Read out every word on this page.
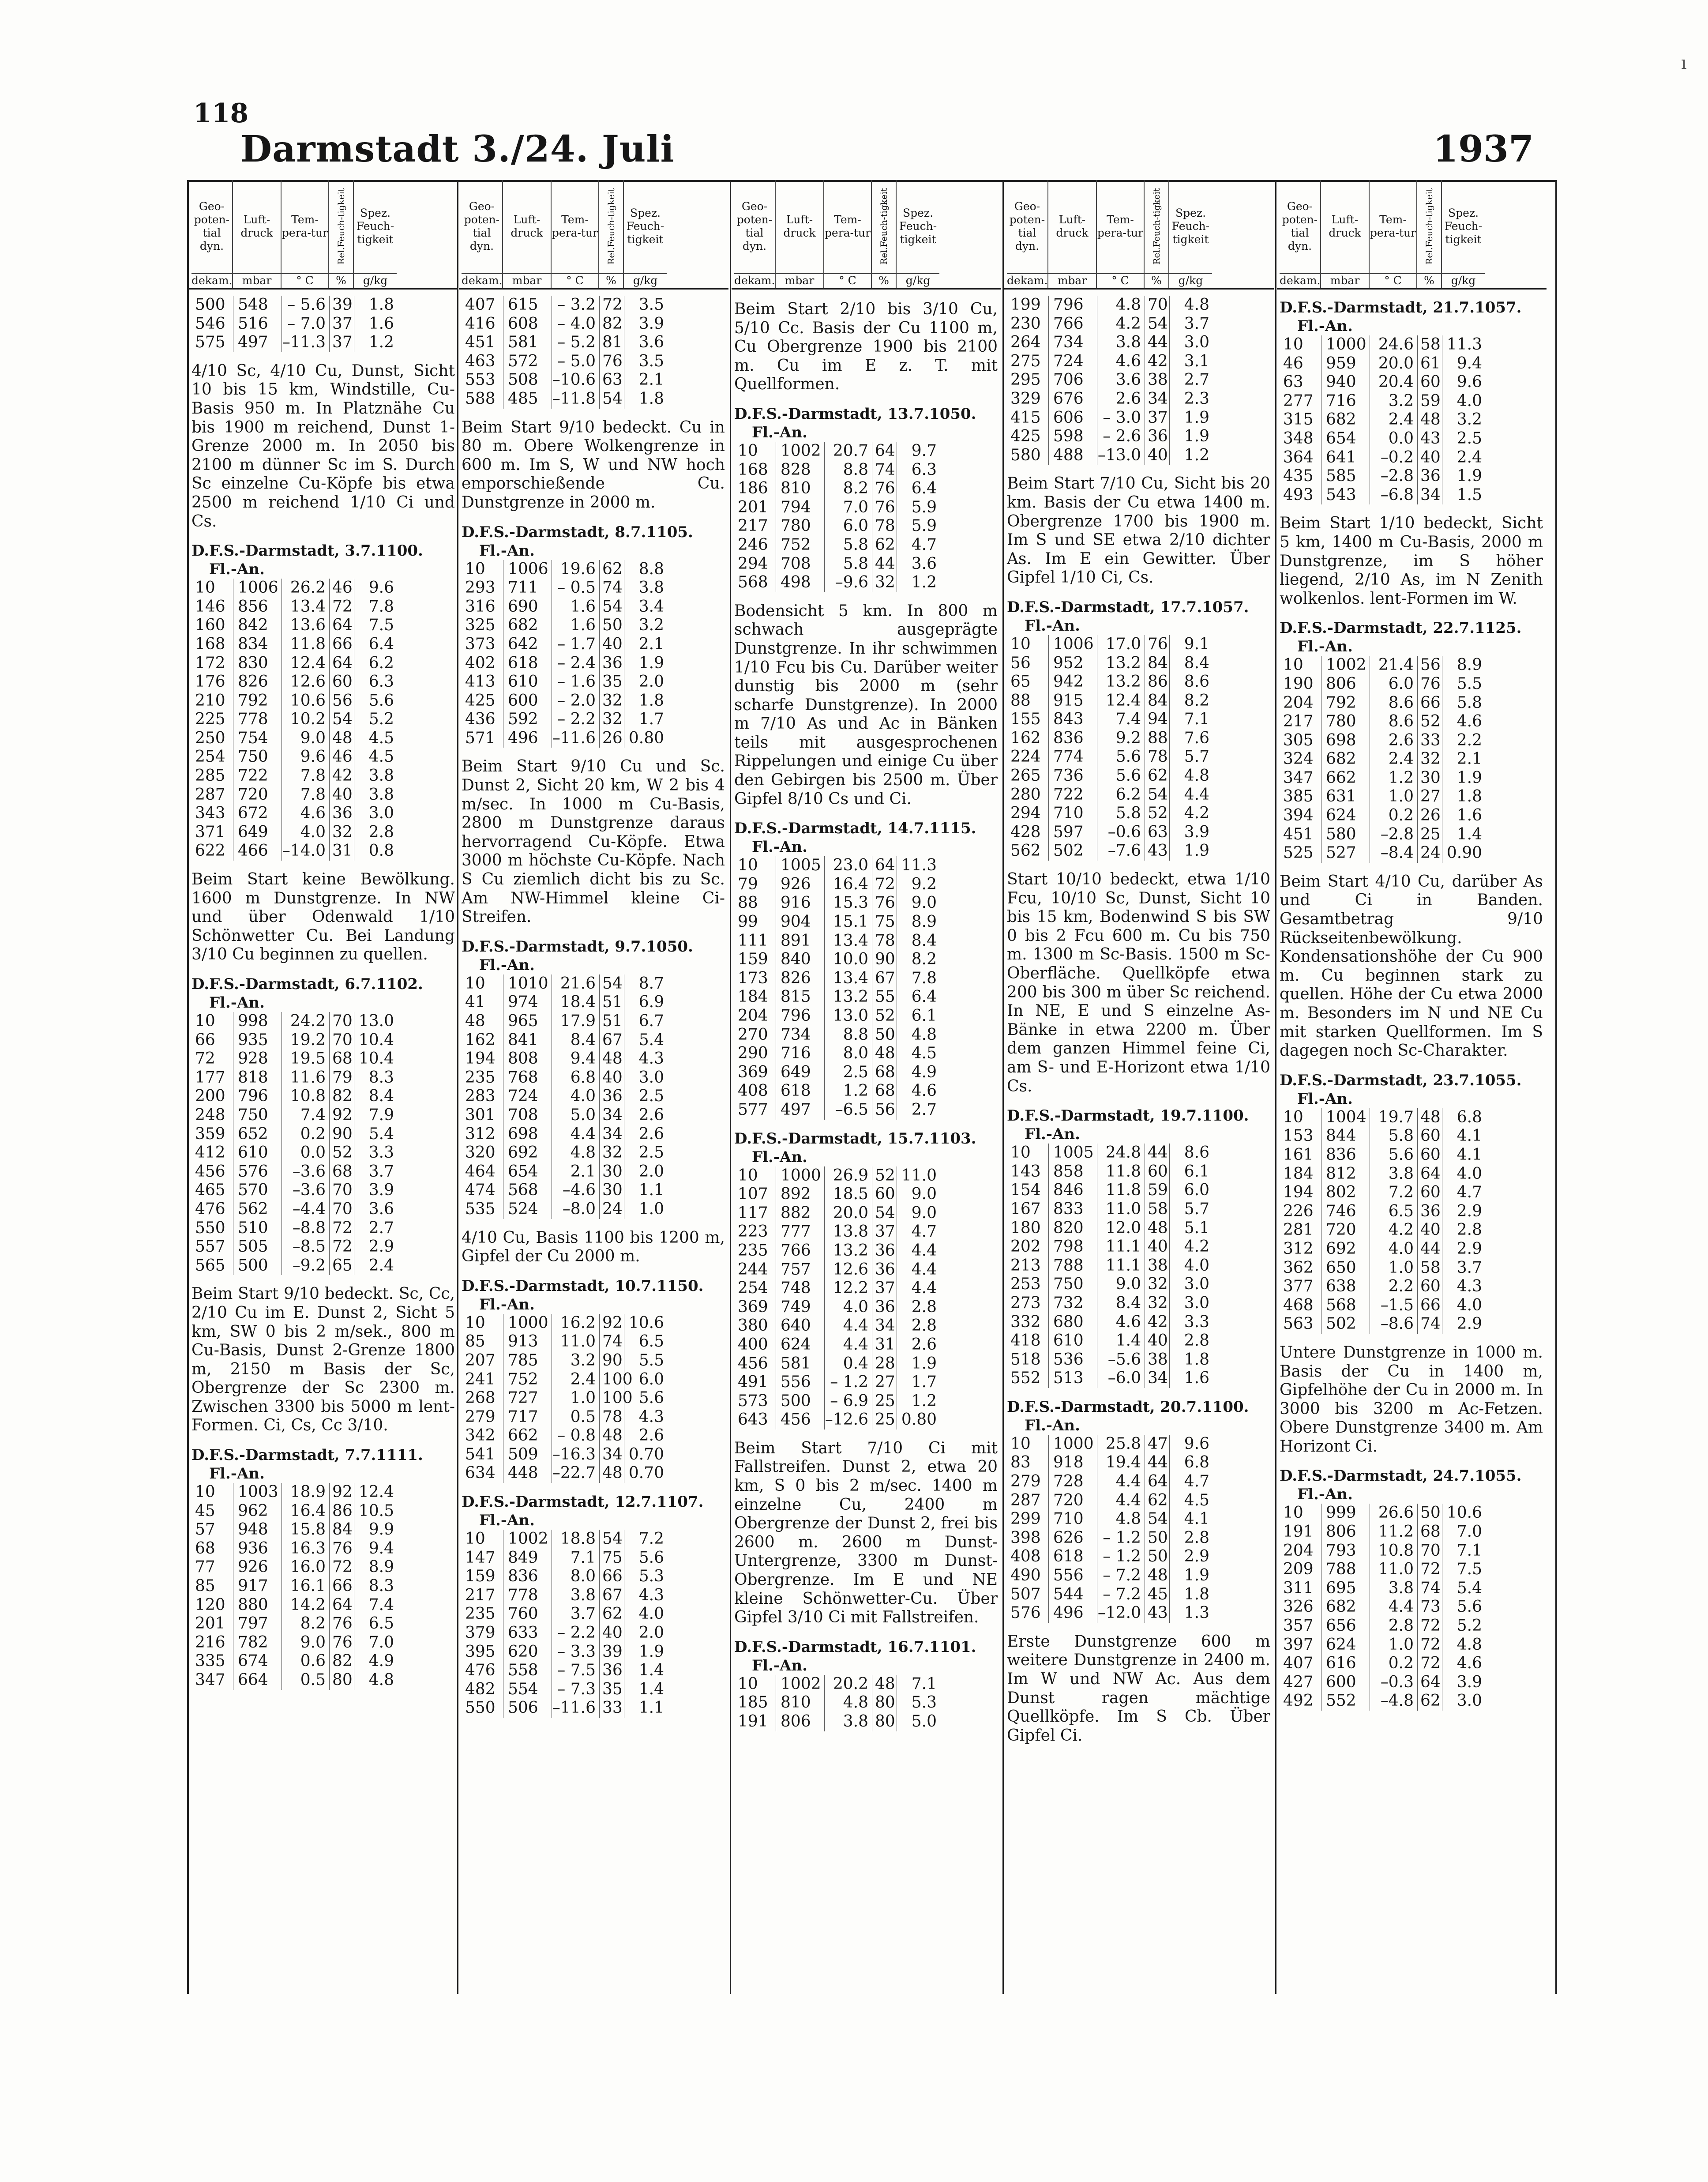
118
Darmstadt 3./24. Juli	1937
Geo-poten-tial dyn.
dekam.
Luft-druck
mbar
Tem-pera-tur
° C
Rel.Feuch-tigkeit
%
Spez. Feuch-tigkeit
g/kg
500 548	– 5.6 39	1.8
546 516	– 7.0 37	1.6
575 497 –11.3 37	1.2
4/10 Sc, 4/10 Cu, Dunst, Sicht 10 bis 15 km, Windstille, Cu-Basis 950 m. In Platznähe Cu bis 1900 m reichend, Dunst 1-Grenze 2000 m. In 2050 bis 2100 m dünner Sc im S. Durch Sc einzelne Cu-Köpfe bis etwa 2500 m reichend 1/10 Ci und Cs.
D.F.S.-Darmstadt, 3.7.1100.
Fl.-An.
10	1006 26.2 46	9.6
146 856	13.4 72	7.8
160 842	13.6 64	7.5
168 834	11.8 66	6.4
172 830	12.4 64	6.2
176 826	12.6 60	6.3
210 792	10.6 56	5.6
225 778	10.2 54	5.2
250 754	9.0 48	4.5
254 750	9.6 46	4.5
285 722	7.8 42	3.8
287 720	7.8 40	3.8
343 672	4.6 36	3.0
371 649	4.0 32	2.8
622 466 –14.0 31	0.8
Beim Start keine Bewölkung. 1600 m Dunstgrenze. In NW und über Odenwald 1/10 Schönwetter Cu. Bei Landung 3/10 Cu beginnen zu quellen.
D.F.S.-Darmstadt, 6.7.1102.
Fl.-An.
10	998	24.2 70 13.0
66	935	19.2 70 10.4
72	928	19.5 68 10.4
177 818	11.6 79	8.3
200 796	10.8 82	8.4
248 750	7.4 92	7.9
359 652	0.2 90	5.4
412 610	0.0 52	3.3
456 576	–3.6 68	3.7
465 570	–3.6 70	3.9
476 562	–4.4 70	3.6
550 510	–8.8 72	2.7
557 505	–8.5 72	2.9
565 500	–9.2 65	2.4
Beim Start 9/10 bedeckt. Sc, Cc, 2/10 Cu im E. Dunst 2, Sicht 5 km, SW 0 bis 2 m/sek., 800 m Cu-Basis, Dunst 2-Grenze 1800 m, 2150 m Basis der Sc, Obergrenze der Sc 2300 m. Zwischen 3300 bis 5000 m lent-Formen. Ci, Cs, Cc 3/10.
D.F.S.-Darmstadt, 7.7.1111.
Fl.-An.
10	1003 18.9 92 12.4
45	962	16.4 86 10.5
57	948	15.8 84	9.9
68	936	16.3 76	9.4
77	926	16.0 72	8.9
85	917	16.1 66	8.3
120 880	14.2 64	7.4
201 797	8.2 76	6.5
216 782	9.0 76	7.0
335 674	0.6 82	4.9
347 664	0.5 80	4.8
Geo-poten-tial dyn.
dekam.
Luft-druck
mbar
Tem-pera-tur
° C
Rel.Feuch-tigkeit
%
Spez. Feuch-tigkeit
g/kg
407 615	– 3.2 72	3.5
416 608	– 4.0 82	3.9
451 581	– 5.2 81	3.6
463 572	– 5.0 76	3.5
553 508 –10.6 63	2.1
588 485 –11.8 54	1.8
Beim Start 9/10 bedeckt. Cu in 80 m. Obere Wolkengrenze in 600 m. Im S, W und NW hoch emporschießende Cu. Dunstgrenze in 2000 m.
D.F.S.-Darmstadt, 8.7.1105.
Fl.-An.
10	1006 19.6 62	8.8
293 711	– 0.5 74	3.8
316 690	1.6 54	3.4
325 682	1.6 50	3.2
373 642	– 1.7 40	2.1
402 618	– 2.4 36	1.9
413 610	– 1.6 35	2.0
425 600	– 2.0 32	1.8
436 592	– 2.2 32	1.7
571 496 –11.6 26 0.80
Beim Start 9/10 Cu und Sc. Dunst 2, Sicht 20 km, W 2 bis 4 m/sec. In 1000 m Cu-Basis, 2800 m Dunstgrenze daraus hervorragend Cu-Köpfe. Etwa 3000 m höchste Cu-Köpfe. Nach S Cu ziemlich dicht bis zu Sc. Am NW-Himmel kleine Ci-Streifen.
D.F.S.-Darmstadt, 9.7.1050.
Fl.-An.
10	1010 21.6 54	8.7
41	974	18.4 51	6.9
48	965	17.9 51	6.7
162 841	8.4 67	5.4
194 808	9.4 48	4.3
235 768	6.8 40	3.0
283 724	4.0 36	2.5
301 708	5.0 34	2.6
312 698	4.4 34	2.6
320 692	4.8 32	2.5
464 654	2.1 30	2.0
474 568	–4.6 30	1.1
535 524	–8.0 24	1.0
4/10 Cu, Basis 1100 bis 1200 m, Gipfel der Cu 2000 m.
D.F.S.-Darmstadt, 10.7.1150.
Fl.-An.
10	1000 16.2 92 10.6
85	913	11.0 74	6.5
207 785	3.2 90	5.5
241 752	2.4 100 6.0
268 727	1.0 100 5.6
279 717	0.5 78	4.3
342 662	– 0.8 48	2.6
541 509 –16.3 34 0.70
634 448 –22.7 48 0.70
D.F.S.-Darmstadt, 12.7.1107.
Fl.-An.
10	1002 18.8 54	7.2
147 849	7.1 75	5.6
159 836	8.0 66	5.3
217 778	3.8 67	4.3
235 760	3.7 62	4.0
379 633	– 2.2 40	2.0
395 620	– 3.3 39	1.9
476 558	– 7.5 36	1.4
482 554	– 7.3 35	1.4
550 506 –11.6 33	1.1
Geo-poten-tial dyn.
dekam.
Luft-druck
mbar
Tem-pera-tur
° C
Rel.Feuch-tigkeit
%
Spez. Feuch-tigkeit
g/kg
Beim Start 2/10 bis 3/10 Cu, 5/10 Cc. Basis der Cu 1100 m, Cu Obergrenze 1900 bis 2100 m. Cu im E z. T. mit Quellformen.
D.F.S.-Darmstadt, 13.7.1050.
Fl.-An.
10	1002 20.7 64	9.7
168 828	8.8 74	6.3
186 810	8.2 76	6.4
201 794	7.0 76	5.9
217 780	6.0 78	5.9
246 752	5.8 62	4.7
294 708	5.8 44	3.6
568 498	–9.6 32	1.2
Bodensicht 5 km. In 800 m schwach ausgeprägte Dunstgrenze. In ihr schwimmen 1/10 Fcu bis Cu. Darüber weiter dunstig bis 2000 m (sehr scharfe Dunstgrenze). In 2000 m 7/10 As und Ac in Bänken teils mit ausgesprochenen Rippelungen und einige Cu über den Gebirgen bis 2500 m. Über Gipfel 8/10 Cs und Ci.
D.F.S.-Darmstadt, 14.7.1115.
Fl.-An.
10	1005 23.0 64 11.3
79	926	16.4 72	9.2
88	916	15.3 76	9.0
99	904	15.1 75	8.9
111 891	13.4 78	8.4
159 840	10.0 90	8.2
173 826	13.4 67	7.8
184 815	13.2 55	6.4
204 796	13.0 52	6.1
270 734	8.8 50	4.8
290 716	8.0 48	4.5
369 649	2.5 68	4.9
408 618	1.2 68	4.6
577 497	–6.5 56	2.7
D.F.S.-Darmstadt, 15.7.1103.
Fl.-An.
10	1000 26.9 52 11.0
107 892	18.5 60	9.0
117 882	20.0 54	9.0
223 777	13.8 37	4.7
235 766	13.2 36	4.4
244 757	12.6 36	4.4
254 748	12.2 37	4.4
369 749	4.0 36	2.8
380 640	4.4 34	2.8
400 624	4.4 31	2.6
456 581	0.4 28	1.9
491 556	– 1.2 27	1.7
573 500	– 6.9 25	1.2
643 456 –12.6 25 0.80
Beim Start 7/10 Ci mit Fallstreifen. Dunst 2, etwa 20 km, S 0 bis 2 m/sec. 1400 m einzelne Cu, 2400 m Obergrenze der Dunst 2, frei bis 2600 m. 2600 m Dunst-Untergrenze, 3300 m Dunst-Obergrenze. Im E und NE kleine Schönwetter-Cu. Über Gipfel 3/10 Ci mit Fallstreifen.
D.F.S.-Darmstadt, 16.7.1101.
Fl.-An.
10	1002 20.2 48	7.1
185 810	4.8 80	5.3
191 806	3.8 80	5.0
Geo-poten-tial dyn.
dekam.
Luft-druck
mbar
Tem-pera-tur
° C
Rel.Feuch-tigkeit
%
Spez. Feuch-tigkeit
g/kg
199 796	4.8 70	4.8
230 766	4.2 54	3.7
264 734	3.8 44	3.0
275 724	4.6 42	3.1
295 706	3.6 38	2.7
329 676	2.6 34	2.3
415 606	– 3.0 37	1.9
425 598	– 2.6 36	1.9
580 488 –13.0 40	1.2
Beim Start 7/10 Cu, Sicht bis 20 km. Basis der Cu etwa 1400 m. Obergrenze 1700 bis 1900 m. Im S und SE etwa 2/10 dichter As. Im E ein Gewitter. Über Gipfel 1/10 Ci, Cs.
D.F.S.-Darmstadt, 17.7.1057.
Fl.-An.
10	1006 17.0 76	9.1
56	952	13.2 84	8.4
65	942	13.2 86	8.6
88	915	12.4 84	8.2
155 843	7.4 94	7.1
162 836	9.2 88	7.6
224 774	5.6 78	5.7
265 736	5.6 62	4.8
280 722	6.2 54	4.4
294 710	5.8 52	4.2
428 597	–0.6 63	3.9
562 502	–7.6 43	1.9
Start 10/10 bedeckt, etwa 1/10 Fcu, 10/10 Sc, Dunst, Sicht 10 bis 15 km, Bodenwind S bis SW 0 bis 2 Fcu 600 m. Cu bis 750 m. 1300 m Sc-Basis. 1500 m Sc-Oberfläche. Quellköpfe etwa 200 bis 300 m über Sc reichend. In NE, E und S einzelne As-Bänke in etwa 2200 m. Über dem ganzen Himmel feine Ci, am S- und E-Horizont etwa 1/10 Cs.
D.F.S.-Darmstadt, 19.7.1100.
Fl.-An.
10	1005 24.8 44	8.6
143 858	11.8 60	6.1
154 846	11.8 59	6.0
167 833	11.0 58	5.7
180 820	12.0 48	5.1
202 798	11.1 40	4.2
213 788	11.1 38	4.0
253 750	9.0 32	3.0
273 732	8.4 32	3.0
332 680	4.6 42	3.3
418 610	1.4 40	2.8
518 536	–5.6 38	1.8
552 513	–6.0 34	1.6
D.F.S.-Darmstadt, 20.7.1100.
Fl.-An.
10	1000 25.8 47	9.6
83	918	19.4 44	6.8
279 728	4.4 64	4.7
287 720	4.4 62	4.5
299 710	4.8 54	4.1
398 626	– 1.2 50	2.8
408 618	– 1.2 50	2.9
490 556	– 7.2 48	1.9
507 544	– 7.2 45	1.8
576 496 –12.0 43	1.3
Erste Dunstgrenze 600 m weitere Dunstgrenze in 2400 m. Im W und NW Ac. Aus dem Dunst ragen mächtige Quellköpfe. Im S Cb. Über Gipfel Ci.
Geo-poten-tial dyn.
dekam.
Luft-druck
mbar
Tem-pera-tur
° C
Rel.Feuch-tigkeit
%
Spez. Feuch-tigkeit
g/kg
D.F.S.-Darmstadt, 21.7.1057.
Fl.-An.
10	1000 24.6 58 11.3
46	959	20.0 61	9.4
63	940	20.4 60	9.6
277 716	3.2 59	4.0
315 682	2.4 48	3.2
348 654	0.0 43	2.5
364 641	–0.2 40	2.4
435 585	–2.8 36	1.9
493 543	–6.8 34	1.5
Beim Start 1/10 bedeckt, Sicht 5 km, 1400 m Cu-Basis, 2000 m Dunstgrenze, im S höher liegend, 2/10 As, im N Zenith wolkenlos. lent-Formen im W.
D.F.S.-Darmstadt, 22.7.1125.
Fl.-An.
10	1002 21.4 56	8.9
190 806	6.0 76	5.5
204 792	8.6 66	5.8
217 780	8.6 52	4.6
305 698	2.6 33	2.2
324 682	2.4 32	2.1
347 662	1.2 30	1.9
385 631	1.0 27	1.8
394 624	0.2 26	1.6
451 580	–2.8 25	1.4
525 527	–8.4 24 0.90
Beim Start 4/10 Cu, darüber As und Ci in Banden. Gesamtbetrag 9/10 Rückseitenbewölkung. Kondensationshöhe der Cu 900 m. Cu beginnen stark zu quellen. Höhe der Cu etwa 2000 m. Besonders im N und NE Cu mit starken Quellformen. Im S dagegen noch Sc-Charakter.
D.F.S.-Darmstadt, 23.7.1055.
Fl.-An.
10	1004 19.7 48	6.8
153 844	5.8 60	4.1
161 836	5.6 60	4.1
184 812	3.8 64	4.0
194 802	7.2 60	4.7
226 746	6.5 36	2.9
281 720	4.2 40	2.8
312 692	4.0 44	2.9
362 650	1.0 58	3.7
377 638	2.2 60	4.3
468 568	–1.5 66	4.0
563 502	–8.6 74	2.9
Untere Dunstgrenze in 1000 m. Basis der Cu in 1400 m, Gipfelhöhe der Cu in 2000 m. In 3000 bis 3200 m Ac-Fetzen. Obere Dunstgrenze 3400 m. Am Horizont Ci.
D.F.S.-Darmstadt, 24.7.1055.
Fl.-An.
10	999	26.6 50 10.6
191 806	11.2 68	7.0
204 793	10.8 70	7.1
209 788	11.0 72	7.5
311 695	3.8 74	5.4
326 682	4.4 73	5.6
357 656	2.8 72	5.2
397 624	1.0 72	4.8
407 616	0.2 72	4.6
427 600	–0.3 64	3.9
492 552	–4.8 62	3.0
ı
